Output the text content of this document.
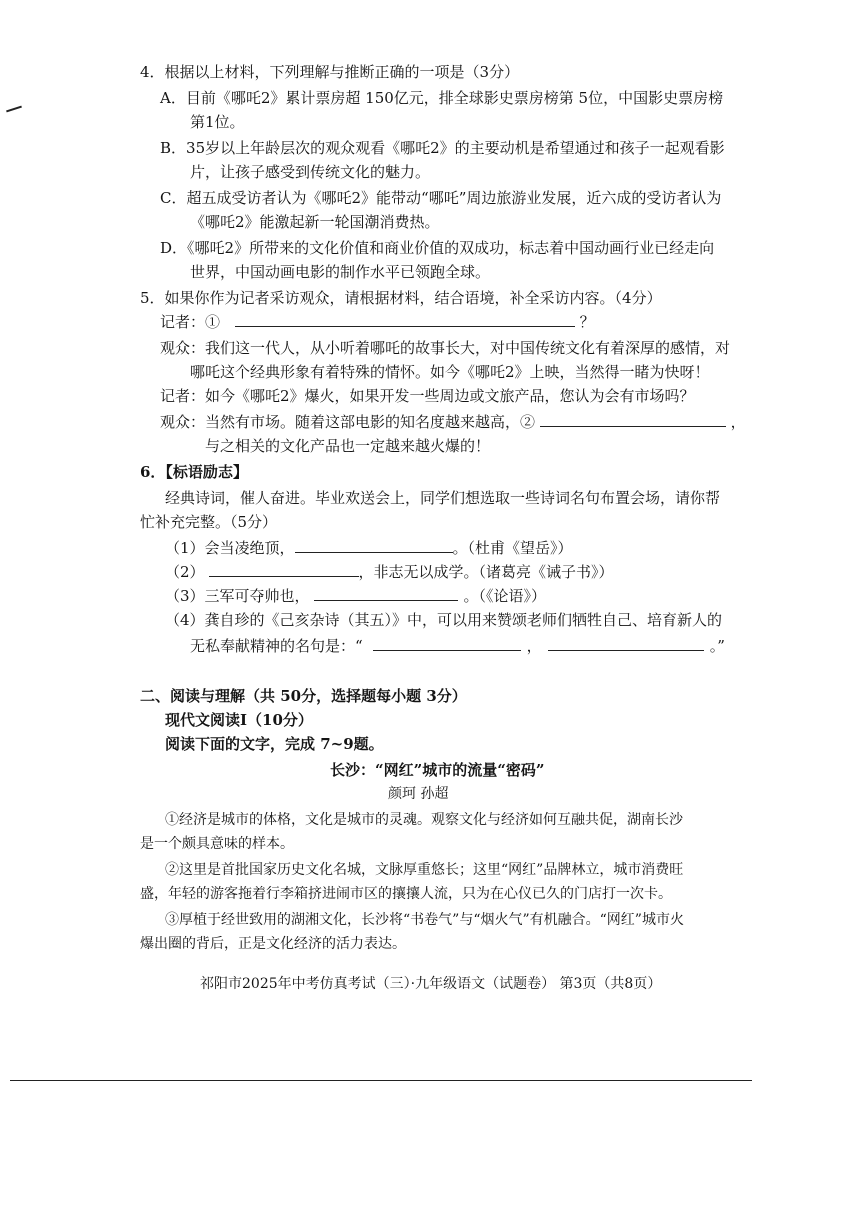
4．根据以上材料，下列理解与推断正确的一项是（3分）
A．目前《哪吒2》累计票房超 150亿元，排全球影史票房榜第 5位，中国影史票房榜
第1位。
B．35岁以上年龄层次的观众观看《哪吒2》的主要动机是希望通过和孩子一起观看影
片，让孩子感受到传统文化的魅力。
C．超五成受访者认为《哪吒2》能带动“哪吒”周边旅游业发展，近六成的受访者认为
《哪吒2》能激起新一轮国潮消费热。
D．《哪吒2》所带来的文化价值和商业价值的双成功，标志着中国动画行业已经走向
世界，中国动画电影的制作水平已领跑全球。
5．如果你作为记者采访观众，请根据材料，结合语境，补全采访内容。（4分）
记者：①	？
观众：我们这一代人，从小听着哪吒的故事长大，对中国传统文化有着深厚的感情，对
哪吒这个经典形象有着特殊的情怀。如今《哪吒2》上映，当然得一睹为快呀！
记者：如今《哪吒2》爆火，如果开发一些周边或文旅产品，您认为会有市场吗？
观众：当然有市场。随着这部电影的知名度越来越高，②	，
与之相关的文化产品也一定越来越火爆的！
6．【标语励志】
经典诗词，催人奋进。毕业欢送会上，同学们想选取一些诗词名句布置会场，请你帮
忙补充完整。（5分）
（1）会当凌绝顶，	。（杜甫《望岳》）
（2）	，非志无以成学。（诸葛亮《诫子书》）
（3）三军可夺帅也，	。（《论语》）
（4）龚自珍的《己亥杂诗（其五）》中，可以用来赞颂老师们牺牲自己、培育新人的
无私奉献精神的名句是：“	，	。”
二、阅读与理解（共 50分，选择题每小题 3分）
现代文阅读Ⅰ（10分）
阅读下面的文字，完成 7~9题。
长沙：“网红”城市的流量“密码”
颜珂 孙超
①经济是城市的体格，文化是城市的灵魂。观察文化与经济如何互融共促，湖南长沙
是一个颇具意味的样本。
②这里是首批国家历史文化名城，文脉厚重悠长；这里“网红”品牌林立，城市消费旺
盛，年轻的游客拖着行李箱挤进闹市区的攘攘人流，只为在心仪已久的门店打一次卡。
③厚植于经世致用的湖湘文化，长沙将“书卷气”与“烟火气”有机融合。“网红”城市火
爆出圈的背后，正是文化经济的活力表达。
祁阳市2025年中考仿真考试（三）·九年级语文（试题卷） 第3页（共8页）
